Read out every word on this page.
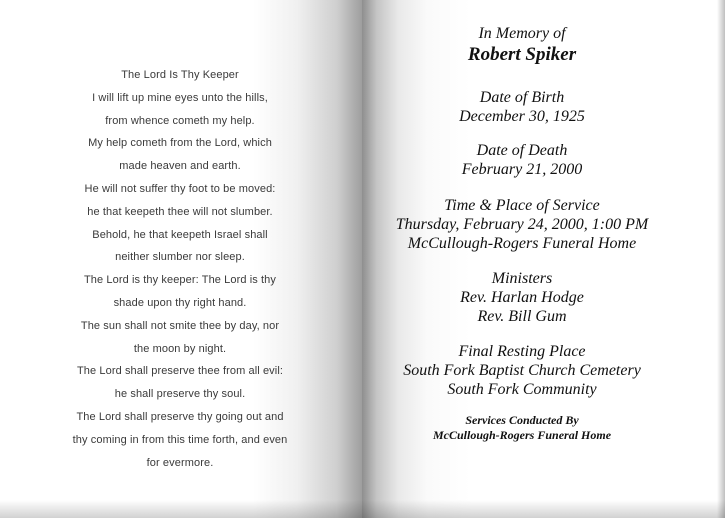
The Lord Is Thy Keeper
I will lift up mine eyes unto the hills,
from whence cometh my help.
My help cometh from the Lord, which
made heaven and earth.
He will not suffer thy foot to be moved:
he that keepeth thee will not slumber.
Behold, he that keepeth Israel shall
neither slumber nor sleep.
The Lord is thy keeper: The Lord is thy
shade upon thy right hand.
The sun shall not smite thee by day, nor
the moon by night.
The Lord shall preserve thee from all evil:
he shall preserve thy soul.
The Lord shall preserve thy going out and
thy coming in from this time forth, and even
for evermore.
In Memory of
Robert Spiker
Date of Birth
December 30, 1925
Date of Death
February 21, 2000
Time & Place of Service
Thursday, February 24, 2000, 1:00 PM
McCullough-Rogers Funeral Home
Ministers
Rev. Harlan Hodge
Rev. Bill Gum
Final Resting Place
South Fork Baptist Church Cemetery
South Fork Community
Services Conducted By
McCullough-Rogers Funeral Home
